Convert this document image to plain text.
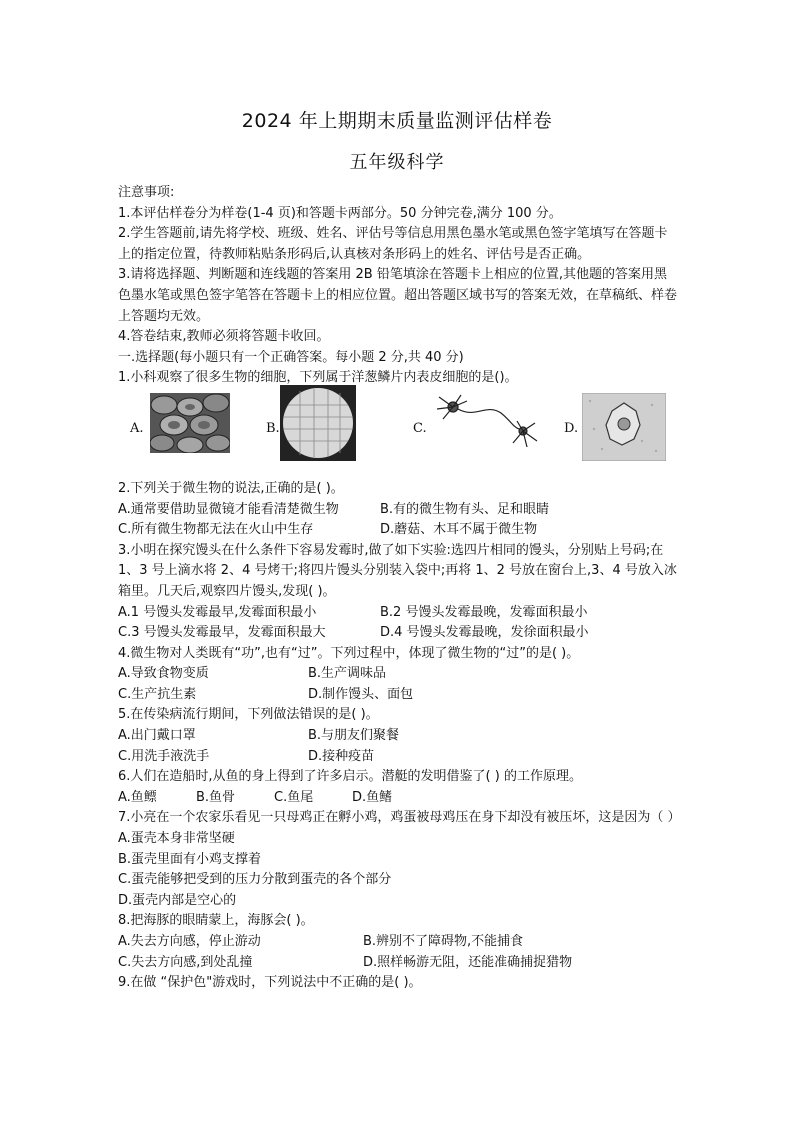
2024 年上期期末质量监测评估样卷
五年级科学
注意事项:
1.本评估样卷分为样卷(1-4 页)和答题卡两部分。50 分钟完卷,满分 100 分。
2.学生答题前,请先将学校、班级、姓名、评估号等信息用黑色墨水笔或黑色签字笔填写在答题卡上的指定位置，待教师粘贴条形码后,认真核对条形码上的姓名、评估号是否正确。
3.请将选择题、判断题和连线题的答案用 2B 铅笔填涂在答题卡上相应的位置,其他题的答案用黑色墨水笔或黑色签字笔答在答题卡上的相应位置。超出答题区域书写的答案无效，在草稿纸、样卷上答题均无效。
4.答卷结束,教师必须将答题卡收回。
一.选择题(每小题只有一个正确答案。每小题 2 分,共 40 分)
1.小科观察了很多生物的细胞，下列属于洋葱鳞片内表皮细胞的是()。
A.	B.	C.	D.
2.下列关于微生物的说法,正确的是( )。
A.通常要借助显微镜才能看清楚微生物	B.有的微生物有头、足和眼睛
C.所有微生物都无法在火山中生存	D.蘑菇、木耳不属于微生物
3.小明在探究馒头在什么条件下容易发霉时,做了如下实验:选四片相同的馒头，分别贴上号码;在 1、3 号上滴水将 2、4 号烤干;将四片馒头分别装入袋中;再将 1、2 号放在窗台上,3、4 号放入冰箱里。几天后,观察四片馒头,发现( )。
A.1 号馒头发霉最早,发霉面积最小	B.2 号馒头发霉最晚，发霉面积最小
C.3 号馒头发霉最早，发霉面积最大	D.4 号馒头发霉最晚，发徐面积最小
4.微生物对人类既有“功”,也有“过”。下列过程中，体现了微生物的“过”的是( )。
A.导致食物变质	B.生产调味品
C.生产抗生素	D.制作馒头、面包
5.在传染病流行期间，下列做法错误的是( )。
A.出门戴口罩	B.与朋友们聚餐
C.用洗手液洗手	D.接种疫苗
6.人们在造船时,从鱼的身上得到了许多启示。潜艇的发明借鉴了( ) 的工作原理。
A.鱼鳔	B.鱼骨	C.鱼尾	D.鱼鳍
7.小亮在一个农家乐看见一只母鸡正在孵小鸡，鸡蛋被母鸡压在身下却没有被压坏，这是因为（ ）
A.蛋壳本身非常坚硬
B.蛋壳里面有小鸡支撑着
C.蛋壳能够把受到的压力分散到蛋壳的各个部分
D.蛋壳内部是空心的
8.把海豚的眼睛蒙上，海豚会( )。
A.失去方向感，停止游动	B.辨别不了障碍物,不能捕食
C.失去方向感,到处乱撞	D.照样畅游无阻，还能准确捕捉猎物
9.在做 “保护色"游戏时，下列说法中不正确的是( )。
